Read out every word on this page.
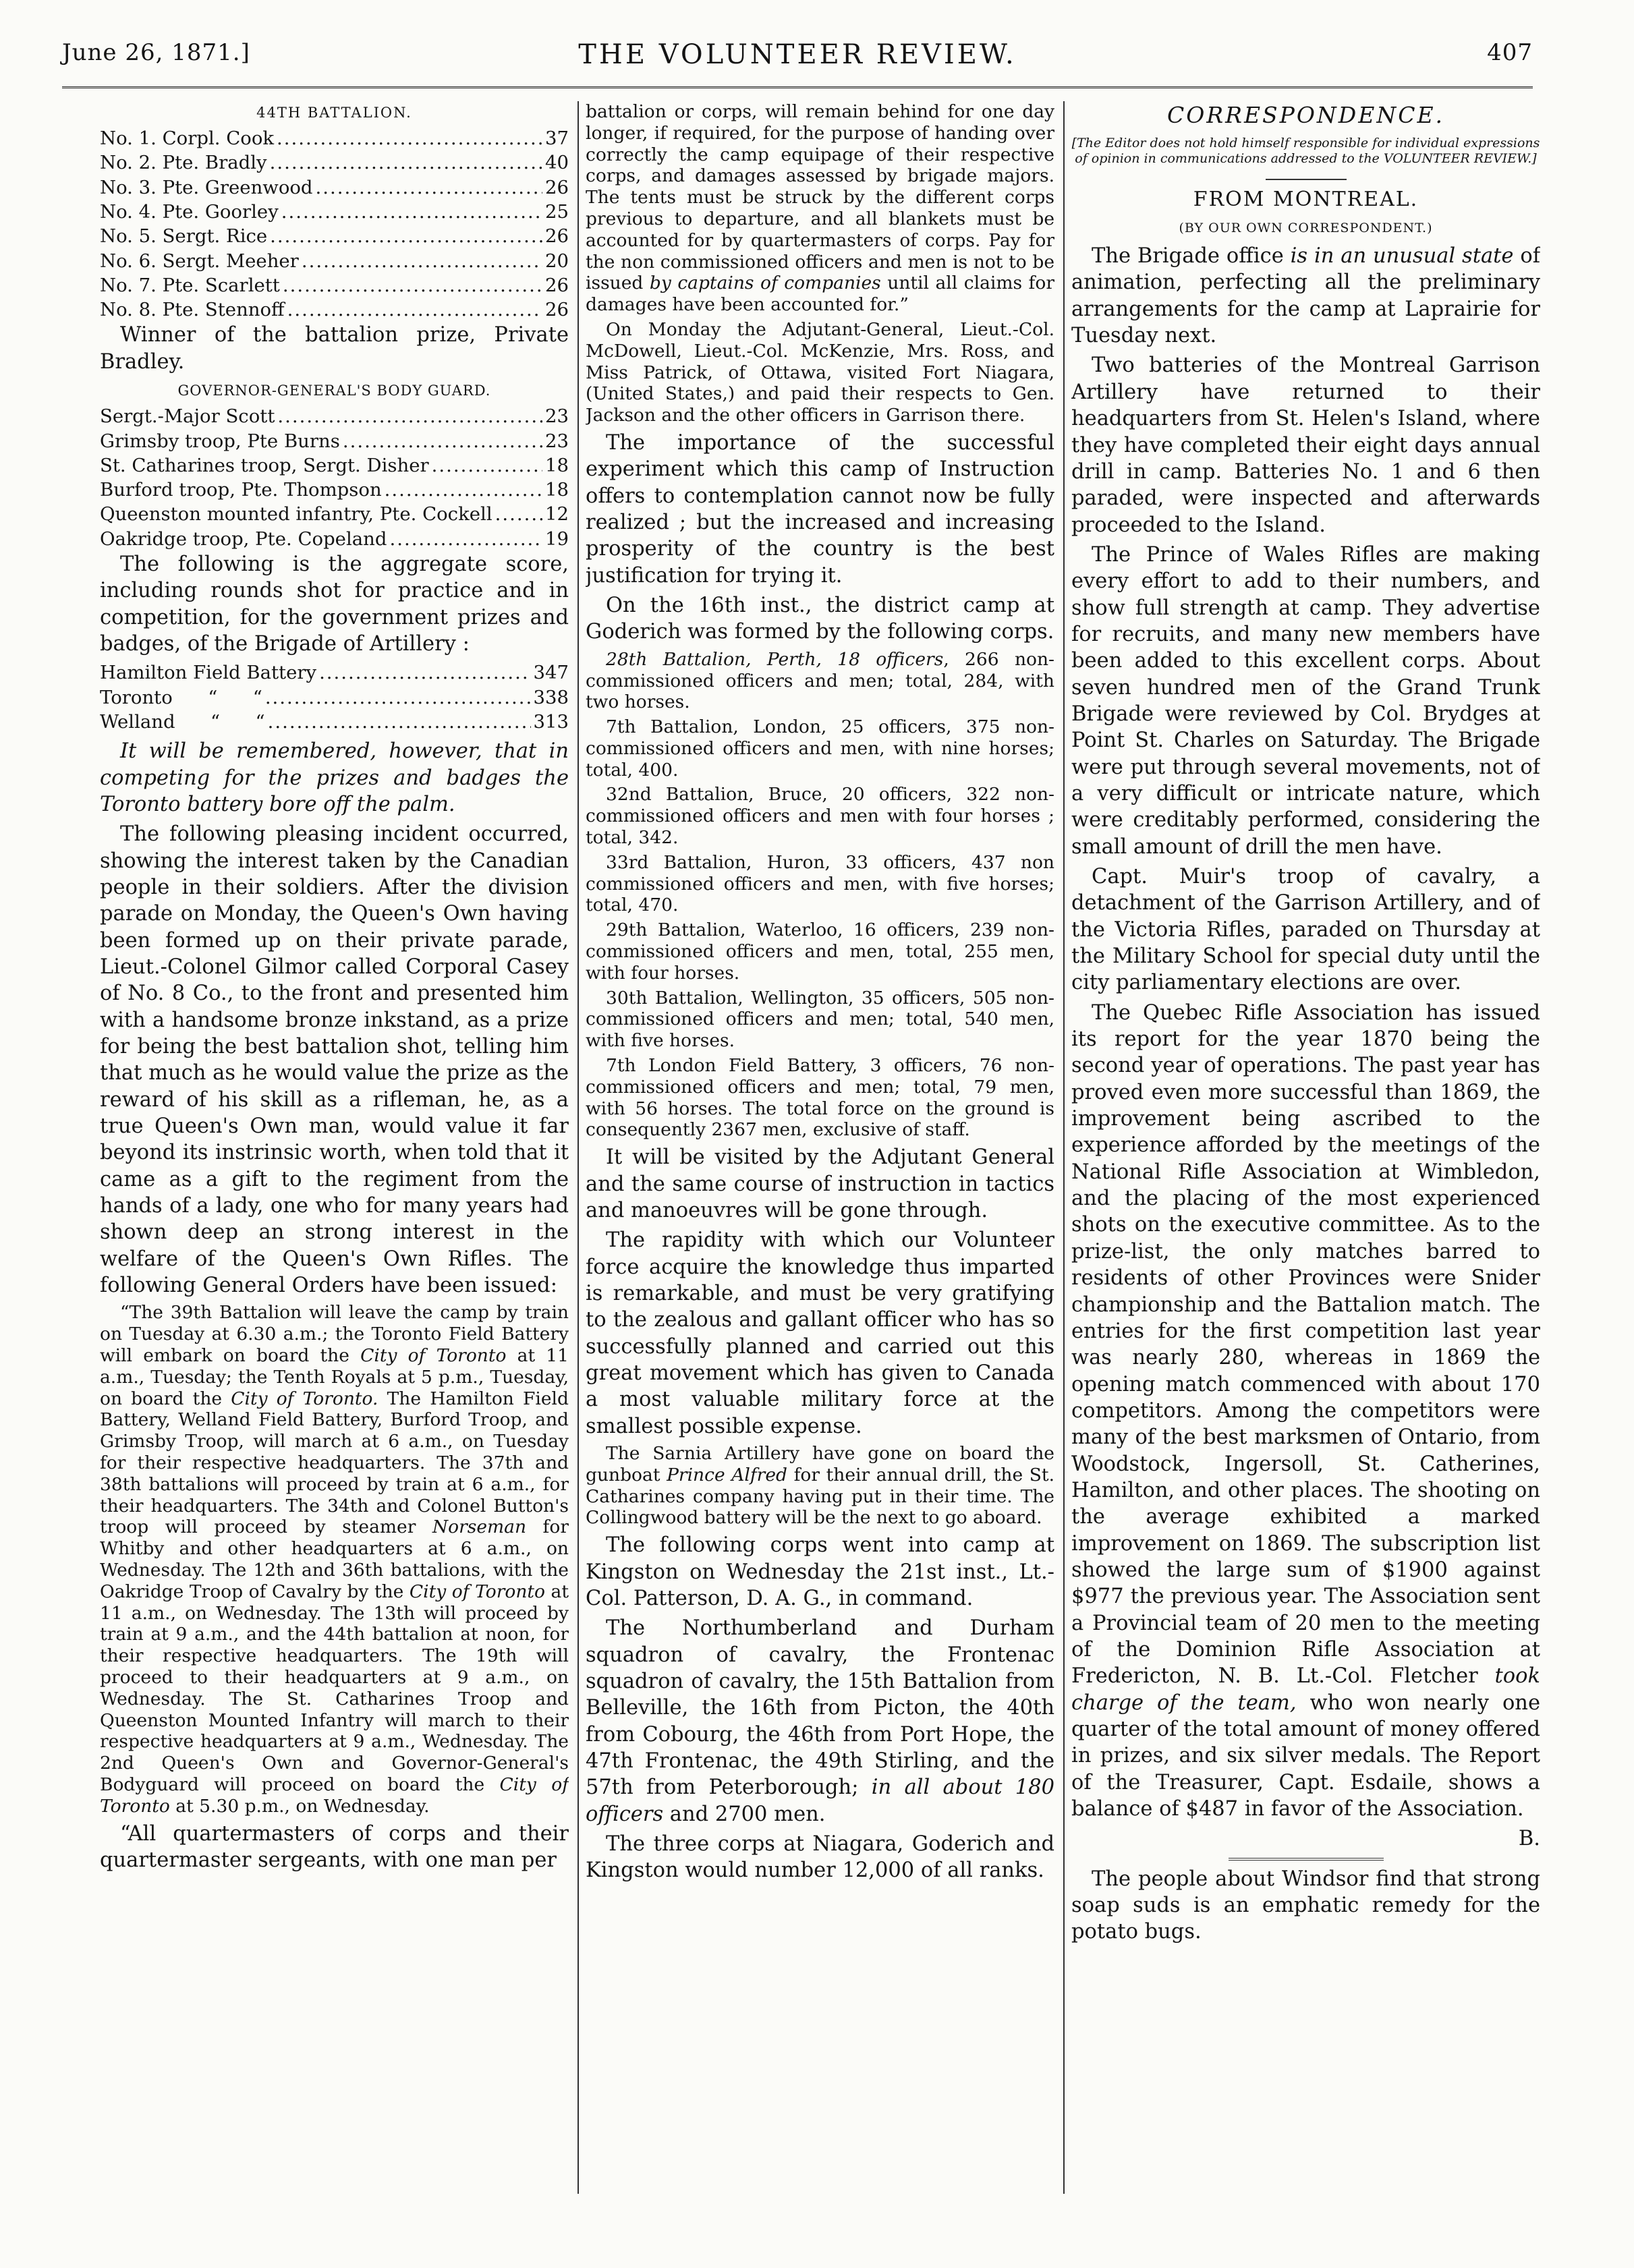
June 26, 1871.]	THE VOLUNTEER REVIEW.	407
44TH BATTALION.
No. 1. Corpl. Cook .....	37
No. 2. Pte. Bradly .....	40
No. 3. Pte. Greenwood .....	26
No. 4. Pte. Goorley .....	25
No. 5. Sergt. Rice .....	26
No. 6. Sergt. Meeher .....	20
No. 7. Pte. Scarlett .....	26
No. 8. Pte. Stennoff .....	26

Winner of the battalion prize, Private Bradley.

GOVERNOR-GENERAL'S BODY GUARD.
Sergt.-Major Scott .....	23
Grimsby troop, Pte Burns .....	23
St. Catharines troop, Sergt. Disher .....	18
Burford troop, Pte. Thompson .....	18
Queenston mounted infantry, Pte. Cockell .....	12
Oakridge troop, Pte. Copeland .....	19

The following is the aggregate score, including rounds shot for practice and in competition, for the government prizes and badges, of the Brigade of Artillery :

Hamilton Field Battery .....	347
Toronto      “      “ .....	338
Welland      “      “ .....	313

It will be remembered, however, that in competing for the prizes and badges the Toronto battery bore off the palm.

The following pleasing incident occurred, showing the interest taken by the Canadian people in their soldiers. After the division parade on Monday, the Queen's Own having been formed up on their private parade, Lieut.-Colonel Gilmor called Corporal Casey of No. 8 Co., to the front and presented him with a handsome bronze inkstand, as a prize for being the best battalion shot, telling him that much as he would value the prize as the reward of his skill as a rifleman, he, as a true Queen's Own man, would value it far beyond its instrinsic worth, when told that it came as a gift to the regiment from the hands of a lady, one who for many years had shown deep an strong interest in the welfare of the Queen's Own Rifles. The following General Orders have been issued:

“The 39th Battalion will leave the camp by train on Tuesday at 6.30 a.m.; the Toronto Field Battery will embark on board the City of Toronto at 11 a.m., Tuesday; the Tenth Royals at 5 p.m., Tuesday, on board the City of Toronto. The Hamilton Field Battery, Welland Field Battery, Burford Troop, and Grimsby Troop, will march at 6 a.m., on Tuesday for their respective headquarters. The 37th and 38th battalions will proceed by train at 6 a.m., for their headquarters. The 34th and Colonel Button's troop will proceed by steamer Norseman for Whitby and other headquarters at 6 a.m., on Wednesday. The 12th and 36th battalions, with the Oakridge Troop of Cavalry by the City of Toronto at 11 a.m., on Wednesday. The 13th will proceed by train at 9 a.m., and the 44th battalion at noon, for their respective headquarters. The 19th will proceed to their headquarters at 9 a.m., on Wednesday. The St. Catharines Troop and Queenston Mounted Infantry will march to their respective headquarters at 9 a.m., Wednesday. The 2nd Queen's Own and Governor-General's Bodyguard will proceed on board the City of Toronto at 5.30 p.m., on Wednesday.

“All quartermasters of corps and their quartermaster sergeants, with one man per

battalion or corps, will remain behind for one day longer, if required, for the purpose of handing over correctly the camp equipage of their respective corps, and damages assessed by brigade majors. The tents must be struck by the different corps previous to departure, and all blankets must be accounted for by quartermasters of corps. Pay for the non commissioned officers and men is not to be issued by captains of companies until all claims for damages have been accounted for.”

On Monday the Adjutant-General, Lieut.-Col. McDowell, Lieut.-Col. McKenzie, Mrs. Ross, and Miss Patrick, of Ottawa, visited Fort Niagara, (United States,) and paid their respects to Gen. Jackson and the other officers in Garrison there.

The importance of the successful experiment which this camp of Instruction offers to contemplation cannot now be fully realized ; but the increased and increasing prosperity of the country is the best justification for trying it.

On the 16th inst., the district camp at Goderich was formed by the following corps.

28th Battalion, Perth, 18 officers, 266 non-commissioned officers and men; total, 284, with two horses.

7th Battalion, London, 25 officers, 375 non-commissioned officers and men, with nine horses; total, 400.

32nd Battalion, Bruce, 20 officers, 322 non-commissioned officers and men with four horses ; total, 342.

33rd Battalion, Huron, 33 officers, 437 non commissioned officers and men, with five horses; total, 470.

29th Battalion, Waterloo, 16 officers, 239 non-commissioned officers and men, total, 255 men, with four horses.

30th Battalion, Wellington, 35 officers, 505 non-commissioned officers and men; total, 540 men, with five horses.

7th London Field Battery, 3 officers, 76 non-commissioned officers and men; total, 79 men, with 56 horses. The total force on the ground is consequently 2367 men, exclusive of staff.

It will be visited by the Adjutant General and the same course of instruction in tactics and manoeuvres will be gone through.

The rapidity with which our Volunteer force acquire the knowledge thus imparted is remarkable, and must be very gratifying to the zealous and gallant officer who has so successfully planned and carried out this great movement which has given to Canada a most valuable military force at the smallest possible expense.

The Sarnia Artillery have gone on board the gunboat Prince Alfred for their annual drill, the St. Catharines company having put in their time. The Collingwood battery will be the next to go aboard.

The following corps went into camp at Kingston on Wednesday the 21st inst., Lt.-Col. Patterson, D. A. G., in command.

The Northumberland and Durham squadron of cavalry, the Frontenac squadron of cavalry, the 15th Battalion from Belleville, the 16th from Picton, the 40th from Cobourg, the 46th from Port Hope, the 47th Frontenac, the 49th Stirling, and the 57th from Peterborough; in all about 180 officers and 2700 men.

The three corps at Niagara, Goderich and Kingston would number 12,000 of all ranks.

CORRESPONDENCE.
[The Editor does not hold himself responsible for individual expressions of opinion in communications addressed to the VOLUNTEER REVIEW.]
FROM MONTREAL.
(BY OUR OWN CORRESPONDENT.)

The Brigade office is in an unusual state of animation, perfecting all the preliminary arrangements for the camp at Laprairie for Tuesday next.

Two batteries of the Montreal Garrison Artillery have returned to their headquarters from St. Helen's Island, where they have completed their eight days annual drill in camp. Batteries No. 1 and 6 then paraded, were inspected and afterwards proceeded to the Island.

The Prince of Wales Rifles are making every effort to add to their numbers, and show full strength at camp. They advertise for recruits, and many new members have been added to this excellent corps. About seven hundred men of the Grand Trunk Brigade were reviewed by Col. Brydges at Point St. Charles on Saturday. The Brigade were put through several movements, not of a very difficult or intricate nature, which were creditably performed, considering the small amount of drill the men have.

Capt. Muir's troop of cavalry, a detachment of the Garrison Artillery, and of the Victoria Rifles, paraded on Thursday at the Military School for special duty until the city parliamentary elections are over.

The Quebec Rifle Association has issued its report for the year 1870 being the second year of operations. The past year has proved even more successful than 1869, the improvement being ascribed to the experience afforded by the meetings of the National Rifle Association at Wimbledon, and the placing of the most experienced shots on the executive committee. As to the prize-list, the only matches barred to residents of other Provinces were Snider championship and the Battalion match. The entries for the first competition last year was nearly 280, whereas in 1869 the opening match commenced with about 170 competitors. Among the competitors were many of the best marksmen of Ontario, from Woodstock, Ingersoll, St. Catherines, Hamilton, and other places. The shooting on the average exhibited a marked improvement on 1869. The subscription list showed the large sum of $1900 against $977 the previous year. The Association sent a Provincial team of 20 men to the meeting of the Dominion Rifle Association at Fredericton, N. B. Lt.-Col. Fletcher took charge of the team, who won nearly one quarter of the total amount of money offered in prizes, and six silver medals. The Report of the Treasurer, Capt. Esdaile, shows a balance of $487 in favor of the Association.

B.

The people about Windsor find that strong soap suds is an emphatic remedy for the potato bugs.
